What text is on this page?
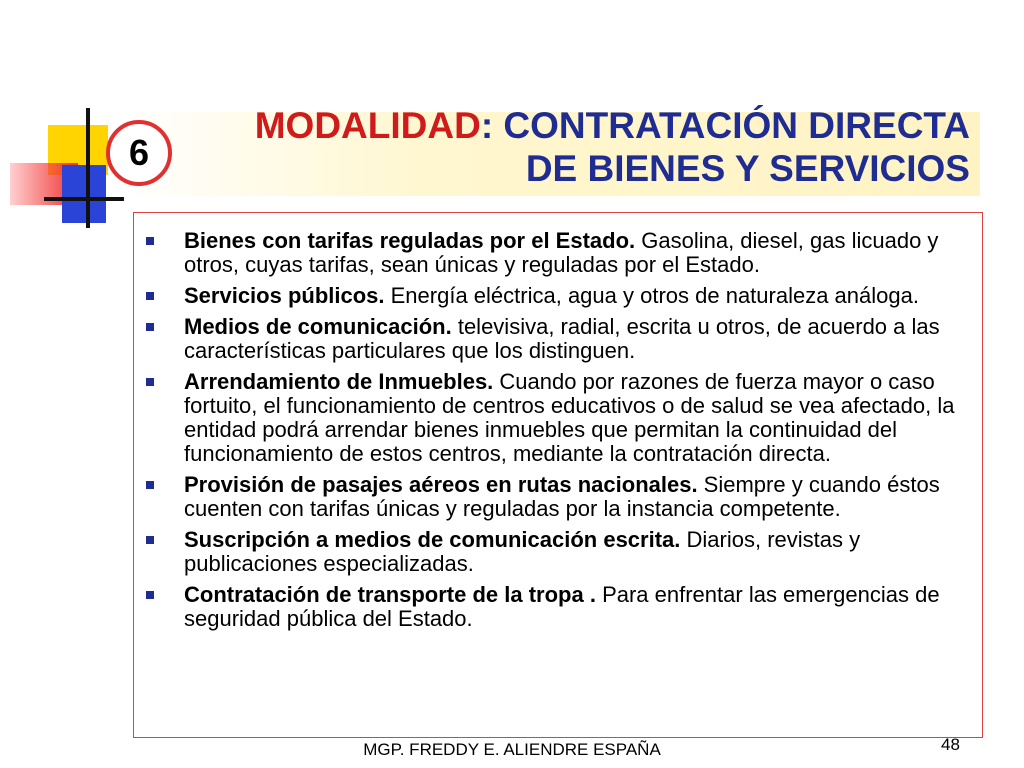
6
MODALIDAD: CONTRATACIÓN DIRECTA
DE BIENES Y SERVICIOS
Bienes con tarifas reguladas por el Estado. Gasolina, diesel, gas licuado y otros, cuyas tarifas, sean únicas y reguladas por el Estado.
Servicios públicos. Energía eléctrica, agua y otros de naturaleza análoga.
Medios de comunicación. televisiva, radial, escrita u otros, de acuerdo a las características particulares que los distinguen.
Arrendamiento de Inmuebles. Cuando por razones de fuerza mayor o caso fortuito, el funcionamiento de centros educativos o de salud se vea afectado, la entidad podrá arrendar bienes inmuebles que permitan la continuidad del funcionamiento de estos centros, mediante la contratación directa.
Provisión de pasajes aéreos en rutas nacionales. Siempre y cuando éstos cuenten con tarifas únicas y reguladas por la instancia competente.
Suscripción a medios de comunicación escrita. Diarios, revistas y publicaciones especializadas.
Contratación de transporte de la tropa . Para enfrentar las emergencias de seguridad pública del Estado.
MGP. FREDDY E. ALIENDRE ESPAÑA	48
